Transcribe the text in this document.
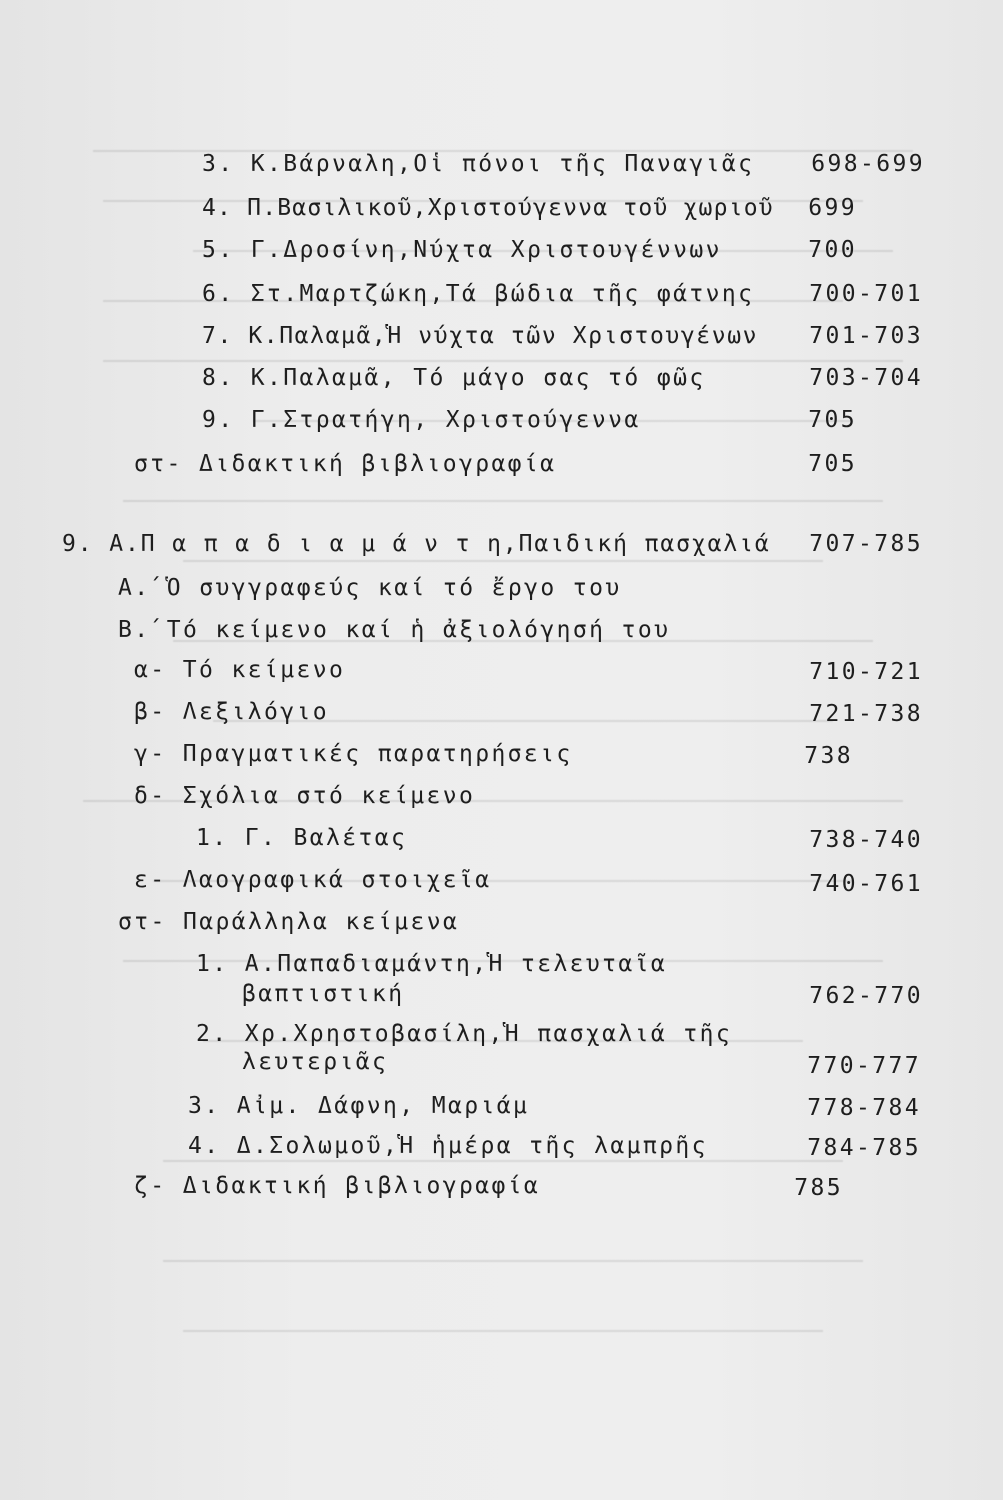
3. Κ.Βάρναλη,Οἱ πόνοι τῆς Παναγιᾶς 698-699
4. Π.Βασιλικοῦ,Χριστούγεννα τοῦ χωριοῦ 699
5. Γ.Δροσίνη,Νύχτα Χριστουγέννων	700
6. Στ.Μαρτζώκη,Τά βώδια τῆς φάτνης 700-701
7. Κ.Παλαμᾶ,Ἡ νύχτα τῶν Χριστουγένων 701-703
8. Κ.Παλαμᾶ, Τό μάγο σας τό φῶς	703-704
9. Γ.Στρατήγη, Χριστούγεννα	705
στ- Διδακτική βιβλιογραφία	705
9. Α.Π α π α δ ι α μ ά ν τ η,Παιδική πασχαλιά 707-785
Α.́ Ὁ συγγραφεύς καί τό ἔργο του
Β.́ Τό κείμενο καί ἡ ἀξιολόγησή του
α- Τό κείμενο	710-721
β- Λεξιλόγιο	721-738
γ- Πραγματικές παρατηρήσεις	738
δ- Σχόλια στό κείμενο
1. Γ. Βαλέτας	738-740
ε- Λαογραφικά στοιχεῖα	740-761
στ- Παράλληλα κείμενα
1. Α.Παπαδιαμάντη,Ἡ τελευταῖα
βαπτιστική	762-770
2. Χρ.Χρηστοβασίλη,Ἡ πασχαλιά τῆς
λευτεριᾶς	770-777
3. Αἰμ. Δάφνη, Μαριάμ	778-784
4. Δ.Σολωμοῦ,Ἡ ἡμέρα τῆς λαμπρῆς	784-785
ζ- Διδακτική βιβλιογραφία	785
